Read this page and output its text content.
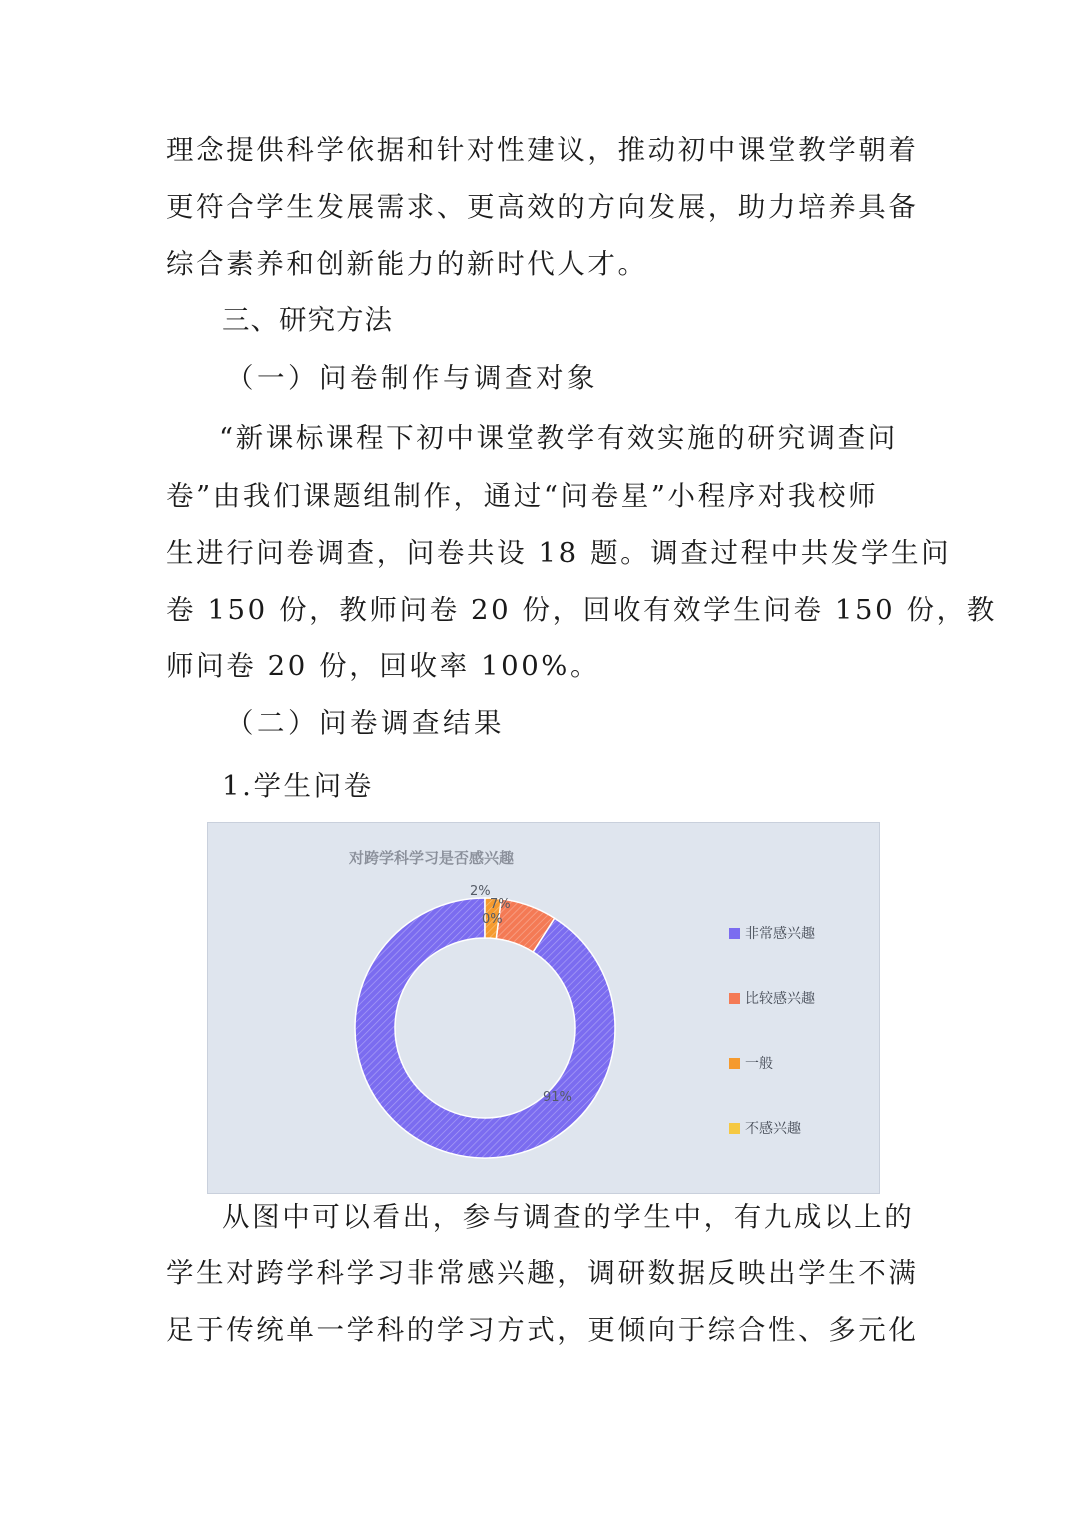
理念提供科学依据和针对性建议，推动初中课堂教学朝着

更符合学生发展需求、更高效的方向发展，助力培养具备

综合素养和创新能力的新时代人才。

三、研究方法

（一）问卷制作与调查对象

“新课标课程下初中课堂教学有效实施的研究调查问

卷”由我们课题组制作，通过“问卷星”小程序对我校师

生进行问卷调查，问卷共设 18 题。调查过程中共发学生问

卷 150 份，教师问卷 20 份，回收有效学生问卷 150 份，教

师问卷 20 份，回收率 100%。

（二）问卷调查结果

1.学生问卷

对跨学科学习是否感兴趣
91%
7%
2%
0%
非常感兴趣
比较感兴趣
一般
不感兴趣

从图中可以看出，参与调查的学生中，有九成以上的

学生对跨学科学习非常感兴趣，调研数据反映出学生不满

足于传统单一学科的学习方式，更倾向于综合性、多元化
